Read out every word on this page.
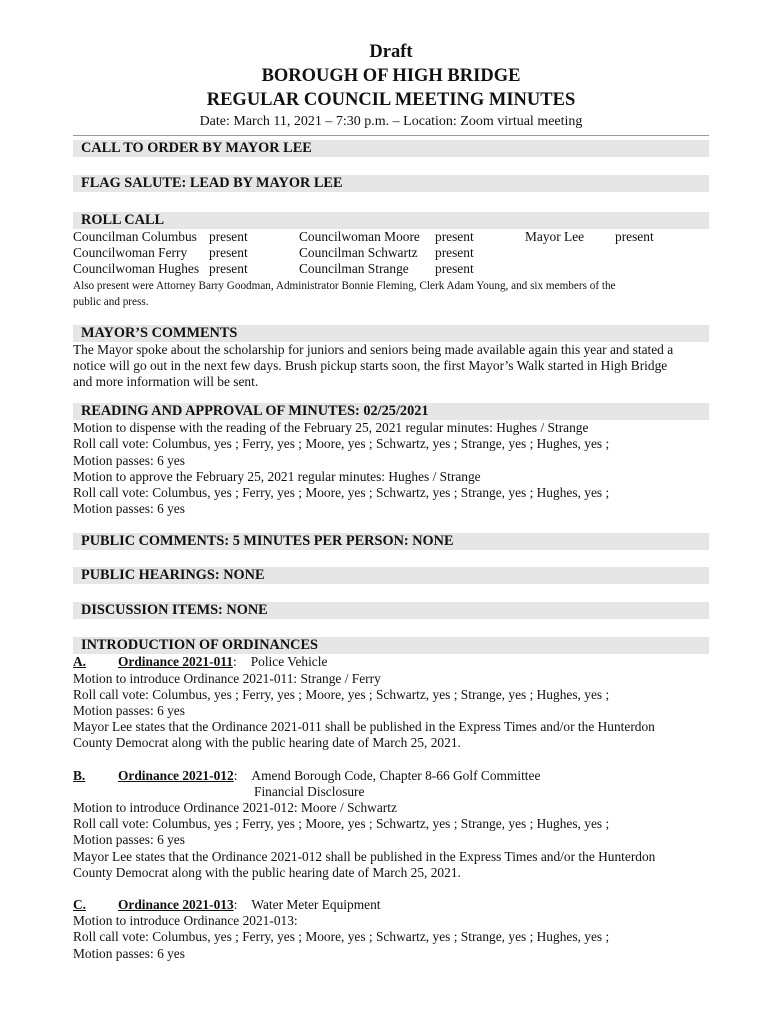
Draft
BOROUGH OF HIGH BRIDGE
REGULAR COUNCIL MEETING MINUTES
Date: March 11, 2021 – 7:30 p.m. – Location: Zoom virtual meeting
CALL TO ORDER BY MAYOR LEE
FLAG SALUTE: LEAD BY MAYOR LEE
ROLL CALL
Councilman Columbus present	Councilwoman Moore	present	Mayor Lee	present
Councilwoman Ferry	present	Councilman Schwartz	present
Councilwoman Hughes present	Councilman Strange	present
Also present were Attorney Barry Goodman, Administrator Bonnie Fleming, Clerk Adam Young, and six members of the
public and press.
MAYOR’S COMMENTS
The Mayor spoke about the scholarship for juniors and seniors being made available again this year and stated a
notice will go out in the next few days. Brush pickup starts soon, the first Mayor’s Walk started in High Bridge
and more information will be sent.
READING AND APPROVAL OF MINUTES: 02/25/2021
Motion to dispense with the reading of the February 25, 2021 regular minutes: Hughes / Strange
Roll call vote: Columbus, yes ; Ferry, yes ; Moore, yes ; Schwartz, yes ; Strange, yes ; Hughes, yes ;
Motion passes: 6 yes
Motion to approve the February 25, 2021 regular minutes: Hughes / Strange
Roll call vote: Columbus, yes ; Ferry, yes ; Moore, yes ; Schwartz, yes ; Strange, yes ; Hughes, yes ;
Motion passes: 6 yes
PUBLIC COMMENTS: 5 MINUTES PER PERSON: NONE
PUBLIC HEARINGS: NONE
DISCUSSION ITEMS: NONE
INTRODUCTION OF ORDINANCES
A.	Ordinance 2021-011 : Police Vehicle
Motion to introduce Ordinance 2021-011: Strange / Ferry
Roll call vote: Columbus, yes ; Ferry, yes ; Moore, yes ; Schwartz, yes ; Strange, yes ; Hughes, yes ;
Motion passes: 6 yes
Mayor Lee states that the Ordinance 2021-011 shall be published in the Express Times and/or the Hunterdon
County Democrat along with the public hearing date of March 25, 2021.
B.	Ordinance 2021-012 : Amend Borough Code, Chapter 8-66 Golf Committee
Financial Disclosure
Motion to introduce Ordinance 2021-012: Moore / Schwartz
Roll call vote: Columbus, yes ; Ferry, yes ; Moore, yes ; Schwartz, yes ; Strange, yes ; Hughes, yes ;
Motion passes: 6 yes
Mayor Lee states that the Ordinance 2021-012 shall be published in the Express Times and/or the Hunterdon
County Democrat along with the public hearing date of March 25, 2021.
C.	Ordinance 2021-013 : Water Meter Equipment
Motion to introduce Ordinance 2021-013:
Roll call vote: Columbus, yes ; Ferry, yes ; Moore, yes ; Schwartz, yes ; Strange, yes ; Hughes, yes ;
Motion passes: 6 yes
